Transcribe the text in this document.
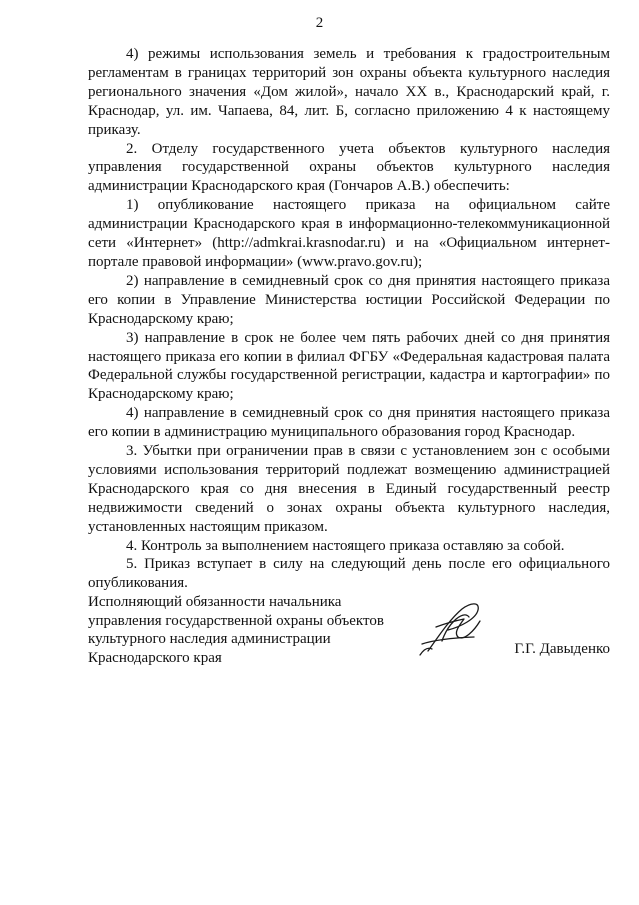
2

4) режимы использования земель и требования к градостроительным регламентам в границах территорий зон охраны объекта культурного наследия регионального значения «Дом жилой», начало XX в., Краснодарский край, г. Краснодар, ул. им. Чапаева, 84, лит. Б, согласно приложению 4 к настоящему приказу.

2. Отделу государственного учета объектов культурного наследия управления государственной охраны объектов культурного наследия администрации Краснодарского края (Гончаров А.В.) обеспечить:

1) опубликование настоящего приказа на официальном сайте администрации Краснодарского края в информационно-телекоммуникационной сети «Интернет» (http://admkrai.krasnodar.ru) и на «Официальном интернет-портале правовой информации» (www.pravo.gov.ru);

2) направление в семидневный срок со дня принятия настоящего приказа его копии в Управление Министерства юстиции Российской Федерации по Краснодарскому краю;

3) направление в срок не более чем пять рабочих дней со дня принятия настоящего приказа его копии в филиал ФГБУ «Федеральная кадастровая палата Федеральной службы государственной регистрации, кадастра и картографии» по Краснодарскому краю;

4) направление в семидневный срок со дня принятия настоящего приказа его копии в администрацию муниципального образования город Краснодар.

3. Убытки при ограничении прав в связи с установлением зон с особыми условиями использования территорий подлежат возмещению администрацией Краснодарского края со дня внесения в Единый государственный реестр недвижимости сведений о зонах охраны объекта культурного наследия, установленных настоящим приказом.

4. Контроль за выполнением настоящего приказа оставляю за собой.

5. Приказ вступает в силу на следующий день после его официального опубликования.

Исполняющий обязанности начальника
управления государственной охраны объектов
культурного наследия администрации
Краснодарского края
Г.Г. Давыденко
